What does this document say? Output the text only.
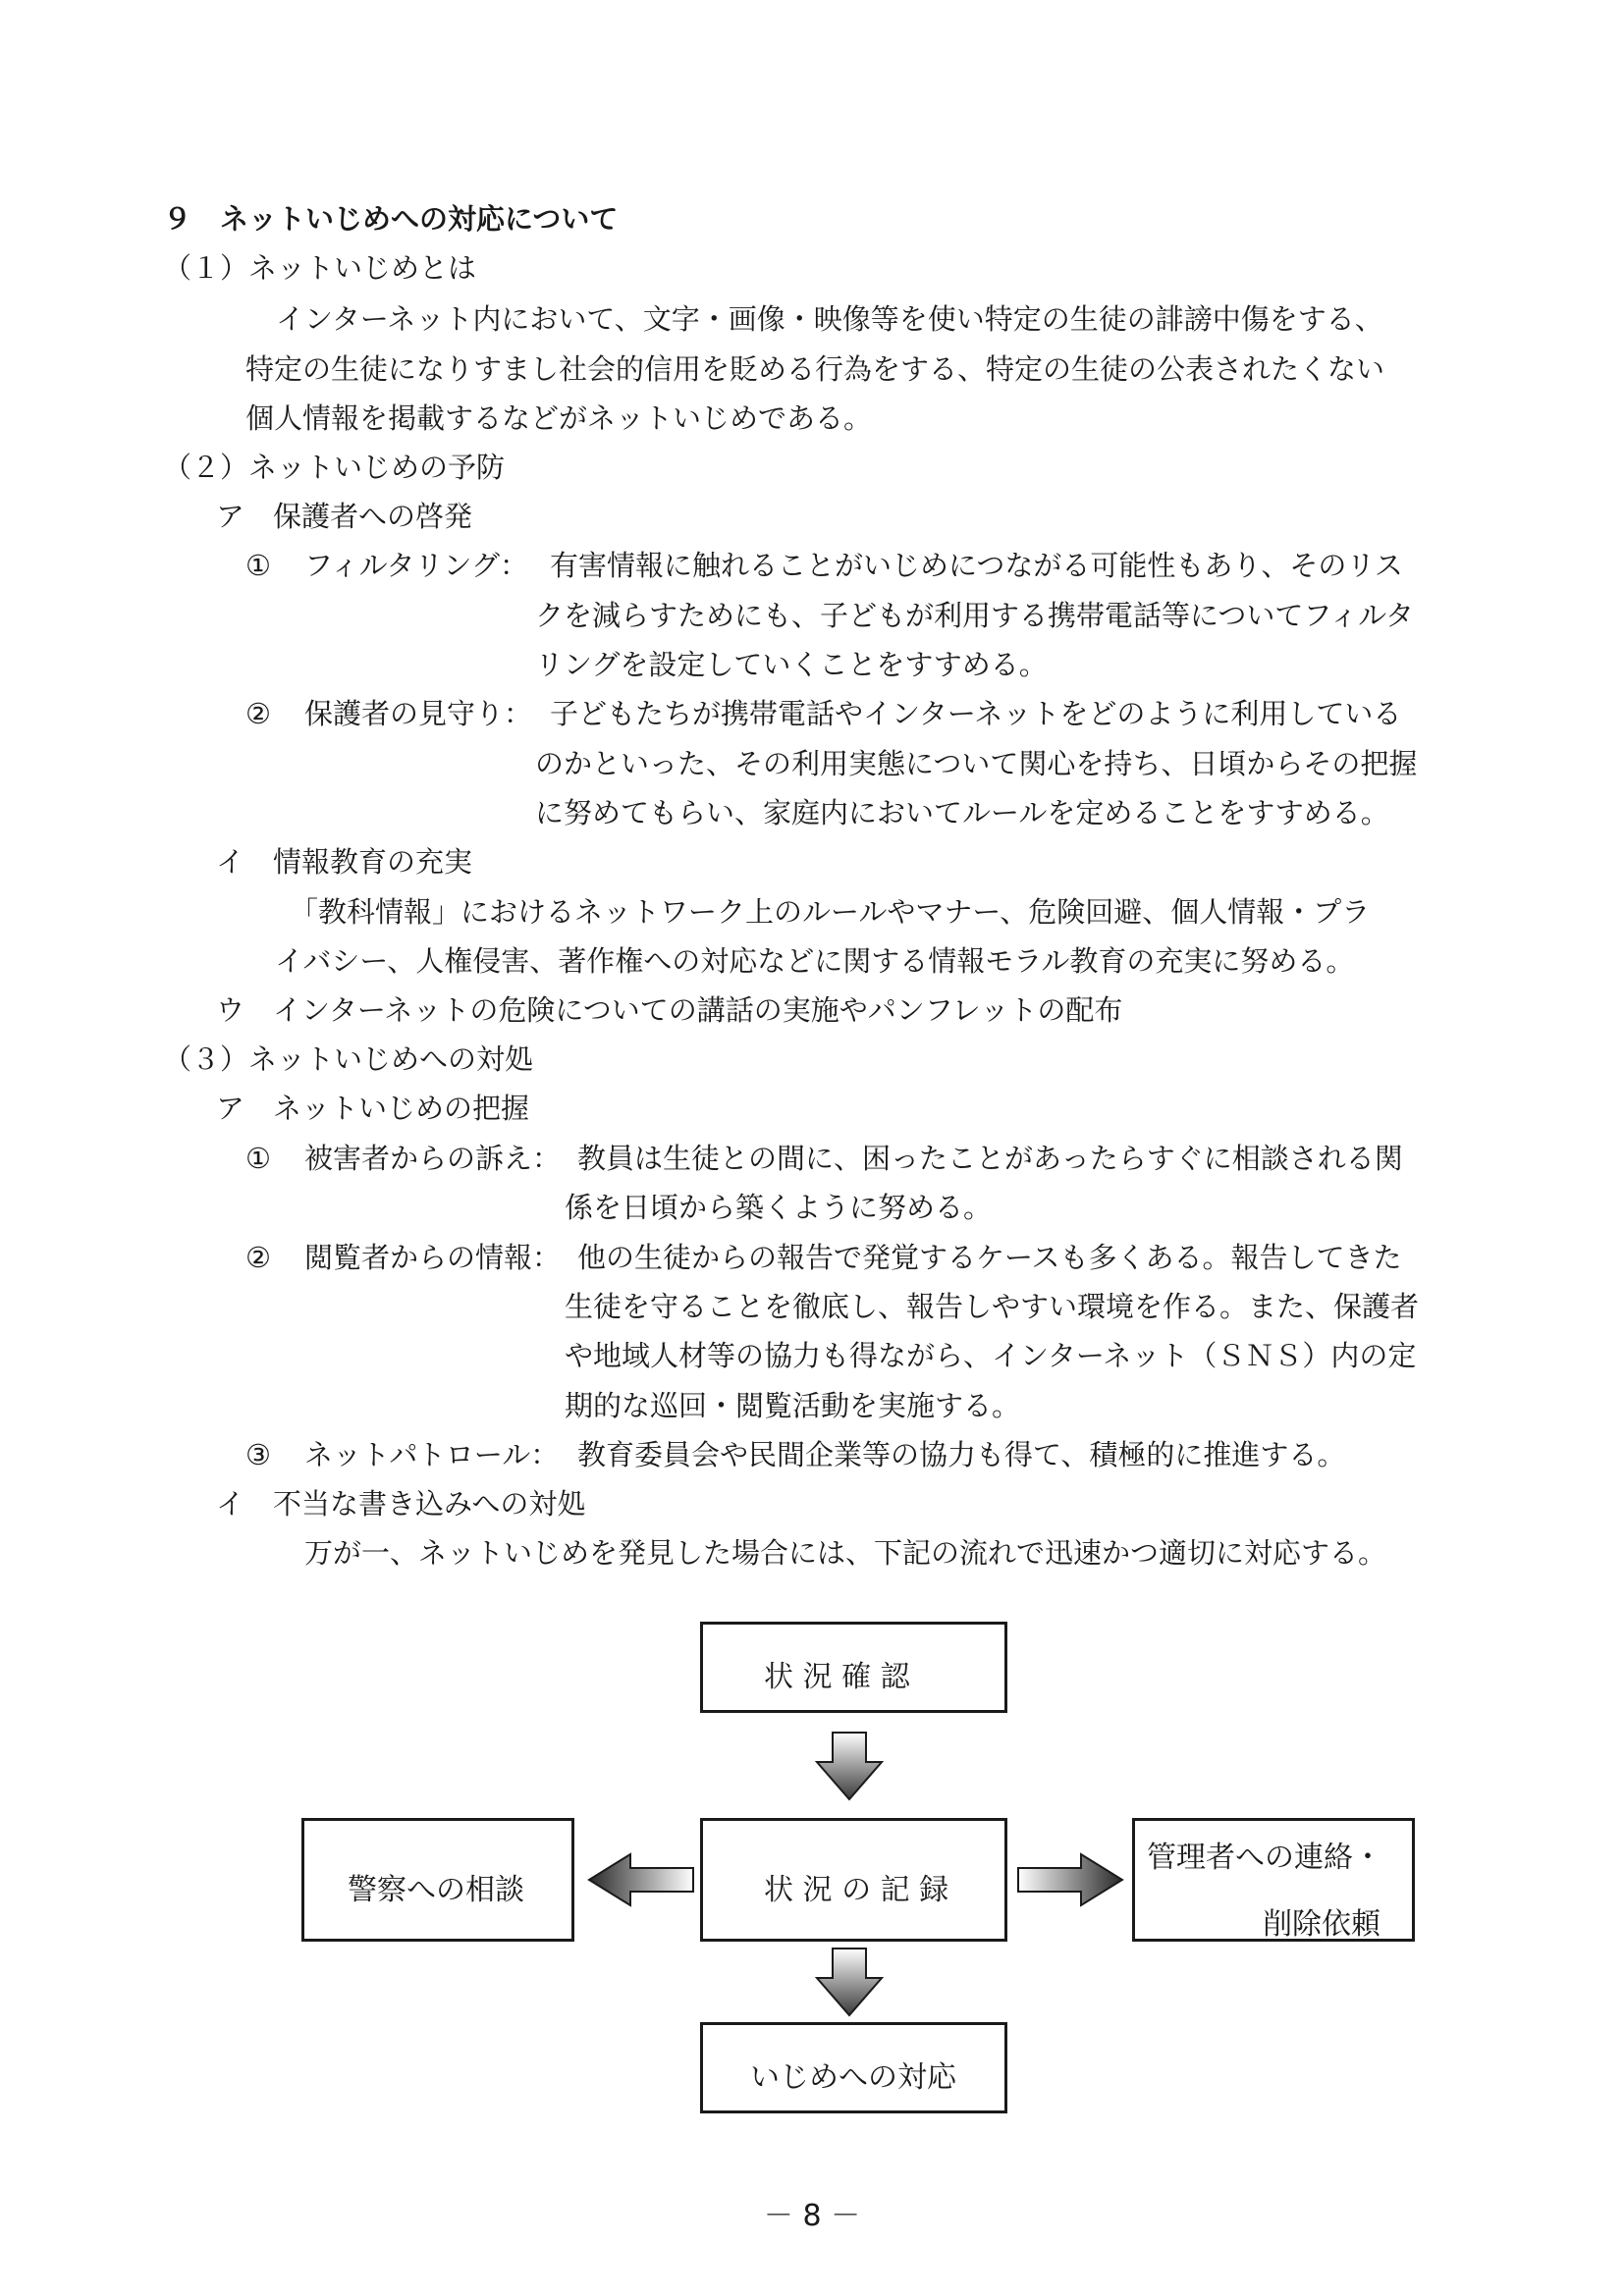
９　ネットいじめへの対応について
（１）ネットいじめとは
インターネット内において、文字・画像・映像等を使い特定の生徒の誹謗中傷をする、
特定の生徒になりすまし社会的信用を貶める行為をする、特定の生徒の公表されたくない
個人情報を掲載するなどがネットいじめである。
（２）ネットいじめの予防
ア　保護者への啓発
① フィルタリング： 有害情報に触れることがいじめにつながる可能性もあり、そのリス
クを減らすためにも、子どもが利用する携帯電話等についてフィルタ
リングを設定していくことをすすめる。
② 保護者の見守り： 子どもたちが携帯電話やインターネットをどのように利用している
のかといった、その利用実態について関心を持ち、日頃からその把握
に努めてもらい、家庭内においてルールを定めることをすすめる。
イ　情報教育の充実
「教科情報」におけるネットワーク上のルールやマナー、危険回避、個人情報・プラ
イバシー、人権侵害、著作権への対応などに関する情報モラル教育の充実に努める。
ウ　インターネットの危険についての講話の実施やパンフレットの配布
（３）ネットいじめへの対処
ア　ネットいじめの把握
① 被害者からの訴え： 教員は生徒との間に、困ったことがあったらすぐに相談される関
係を日頃から築くように努める。
② 閲覧者からの情報： 他の生徒からの報告で発覚するケースも多くある。報告してきた
生徒を守ることを徹底し、報告しやすい環境を作る。また、保護者
や地域人材等の協力も得ながら、インターネット（ＳＮＳ）内の定
期的な巡回・閲覧活動を実施する。
③ ネットパトロール： 教育委員会や民間企業等の協力も得て、積極的に推進する。
イ　不当な書き込みへの対処
万が一、ネットいじめを発見した場合には、下記の流れで迅速かつ適切に対応する。
状 況 確 認
警察への相談	状 況 の 記 録
管理者への連絡・
削除依頼
いじめへの対応
－ 8 －
